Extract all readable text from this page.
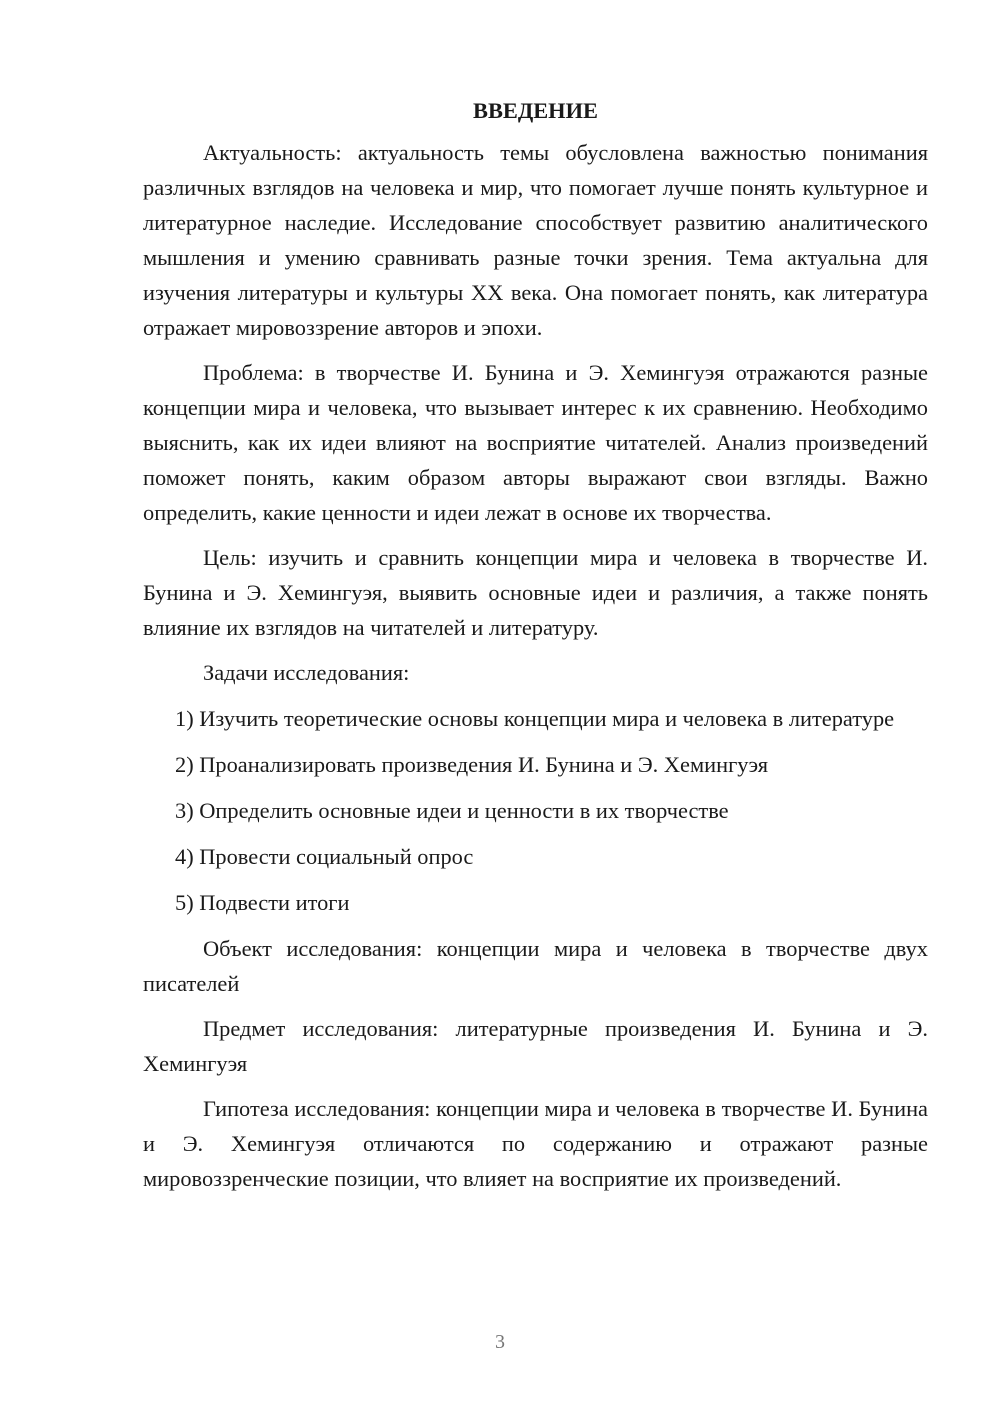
ВВЕДЕНИЕ

Актуальность: актуальность темы обусловлена важностью понимания различных взглядов на человека и мир, что помогает лучше понять культурное и литературное наследие. Исследование способствует развитию аналитического мышления и умению сравнивать разные точки зрения. Тема актуальна для изучения литературы и культуры XX века. Она помогает понять, как литература отражает мировоззрение авторов и эпохи.

Проблема: в творчестве И. Бунина и Э. Хемингуэя отражаются разные концепции мира и человека, что вызывает интерес к их сравнению. Необходимо выяснить, как их идеи влияют на восприятие читателей. Анализ произведений поможет понять, каким образом авторы выражают свои взгляды. Важно определить, какие ценности и идеи лежат в основе их творчества.

Цель: изучить и сравнить концепции мира и человека в творчестве И. Бунина и Э. Хемингуэя, выявить основные идеи и различия, а также понять влияние их взглядов на читателей и литературу.

Задачи исследования:

1) Изучить теоретические основы концепции мира и человека в литературе

2) Проанализировать произведения И. Бунина и Э. Хемингуэя

3) Определить основные идеи и ценности в их творчестве

4) Провести социальный опрос

5) Подвести итоги

Объект исследования: концепции мира и человека в творчестве двух писателей

Предмет исследования: литературные произведения И. Бунина и Э. Хемингуэя

Гипотеза исследования: концепции мира и человека в творчестве И. Бунина и Э. Хемингуэя отличаются по содержанию и отражают разные мировоззренческие позиции, что влияет на восприятие их произведений.

3
